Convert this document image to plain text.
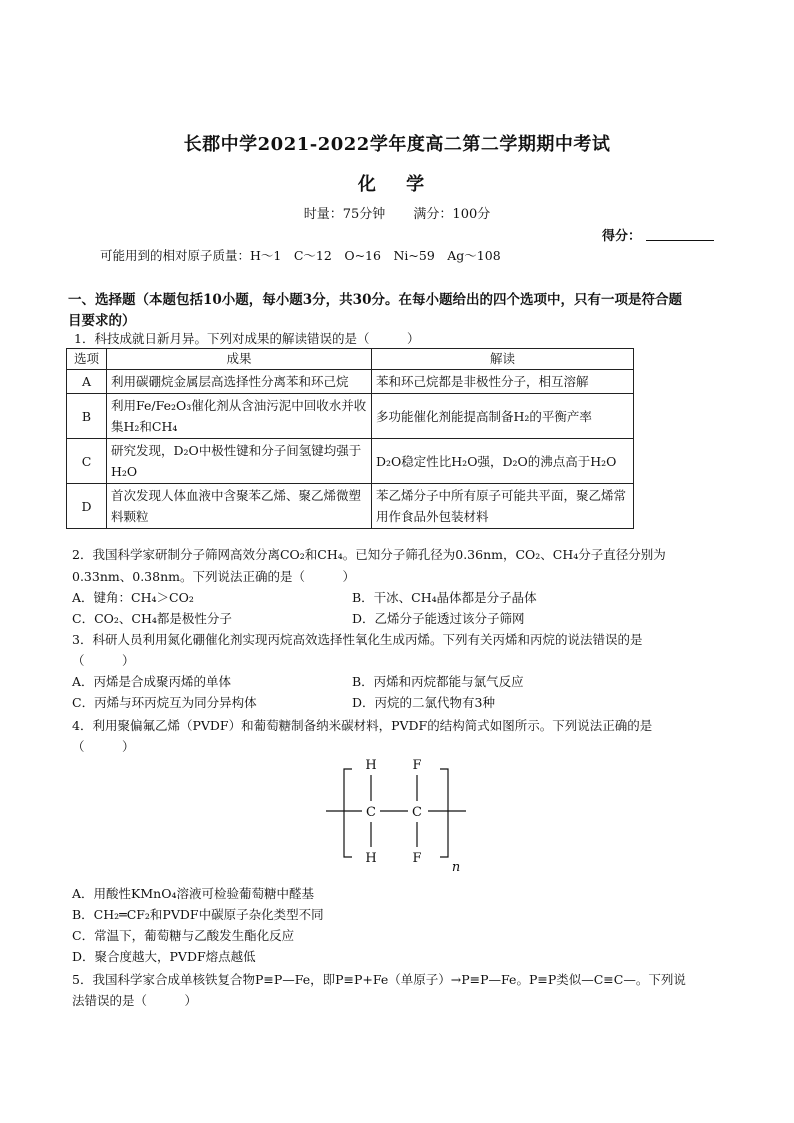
长郡中学2021-2022学年度高二第二学期期中考试
化 学
时量：75分钟 满分：100分
得分：
可能用到的相对原子质量：H～1　C～12　O~16　Ni~59　Ag～108
一、选择题（本题包括10小题，每小题3分，共30分。在每小题给出的四个选项中，只有一项是符合题
目要求的）
1．科技成就日新月异。下列对成果的解读错误的是（　　　）
选项	成果	解读
A	利用碳硼烷金属层高选择性分离苯和环己烷	苯和环己烷都是非极性分子，相互溶解
B	利用Fe/Fe₂O₃催化剂从含油污泥中回收水并收集H₂和CH₄	多功能催化剂能提高制备H₂的平衡产率
C	研究发现，D₂O中极性键和分子间氢键均强于H₂O	D₂O稳定性比H₂O强，D₂O的沸点高于H₂O
D	首次发现人体血液中含聚苯乙烯、聚乙烯微塑料颗粒	苯乙烯分子中所有原子可能共平面，聚乙烯常用作食品外包装材料
2．我国科学家研制分子筛网高效分离CO₂和CH₄。已知分子筛孔径为0.36nm，CO₂、CH₄分子直径分别为
0.33nm、0.38nm。下列说法正确的是（　　　）
A．键角：CH₄＞CO₂	B．干冰、CH₄晶体都是分子晶体
C．CO₂、CH₄都是极性分子	D．乙烯分子能透过该分子筛网
3．科研人员利用氮化硼催化剂实现丙烷高效选择性氧化生成丙烯。下列有关丙烯和丙烷的说法错误的是
（　　　）
A．丙烯是合成聚丙烯的单体	B．丙烯和丙烷都能与氯气反应
C．丙烯与环丙烷互为同分异构体	D．丙烷的二氯代物有3种
4．利用聚偏氟乙烯（PVDF）和葡萄糖制备纳米碳材料，PVDF的结构简式如图所示。下列说法正确的是
（　　　）
H	F
C	C
H	F
n
A．用酸性KMnO₄溶液可检验葡萄糖中醛基
B．CH₂═CF₂和PVDF中碳原子杂化类型不同
C．常温下，葡萄糖与乙酸发生酯化反应
D．聚合度越大，PVDF熔点越低
5．我国科学家合成单核铁复合物P≡P—Fe，即P≡P+Fe（单原子）→P≡P—Fe。P≡P类似—C≡C—。下列说
法错误的是（　　　）
